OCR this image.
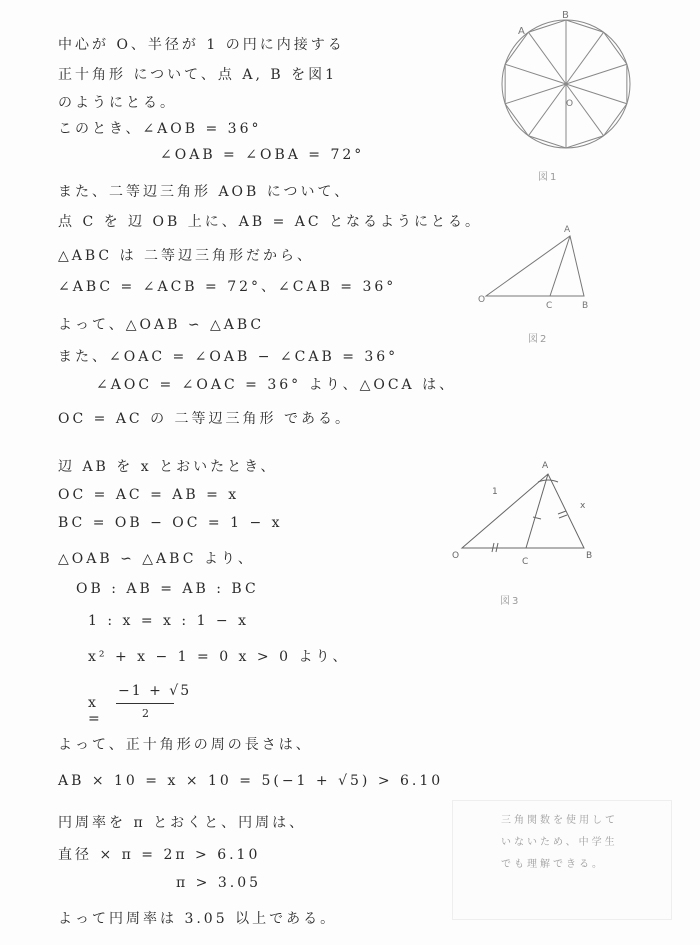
中心が O、半径が 1 の円に内接する
正十角形 について、点 A, B を図1
のようにとる。
このとき、∠AOB = 36°
∠OAB = ∠OBA = 72°
また、二等辺三角形 AOB について、
点 C を 辺 OB 上に、AB = AC となるようにとる。
△ABC は 二等辺三角形だから、
∠ABC = ∠ACB = 72°、∠CAB = 36°
よって、△OAB ∽ △ABC
また、∠OAC = ∠OAB − ∠CAB = 36°
∠AOC = ∠OAC = 36° より、△OCA は、
OC = AC の 二等辺三角形 である。
辺 AB を x とおいたとき、
OC = AC = AB = x
BC = OB − OC = 1 − x
△OAB ∽ △ABC より、
OB : AB = AB : BC
1 : x = x : 1 − x
x² + x − 1 = 0 x > 0 より、
x =
−1 + √5
2
よって、正十角形の周の長さは、
AB × 10 = x × 10 = 5(−1 + √5) > 6.10
円周率を π とおくと、円周は、
直径 × π = 2π > 6.10
π > 3.05
よって円周率は 3.05 以上である。
A
B
O
図1
A
O
C	B
図2
A
O
C
B
1
x
図3
三角関数を使用して
いないため、中学生
でも理解できる。
